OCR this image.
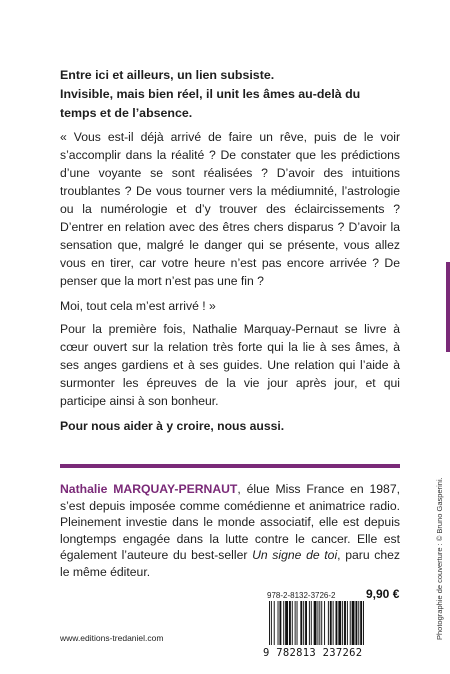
Entre ici et ailleurs, un lien subsiste.
Invisible, mais bien réel, il unit les âmes au-delà du temps et de l’absence.

« Vous est-il déjà arrivé de faire un rêve, puis de le voir s’accomplir dans la réalité ? De constater que les prédictions d’une voyante se sont réalisées ? D’avoir des intuitions troublantes ? De vous tourner vers la médiumnité, l’astrologie ou la numérologie et d’y trouver des éclaircissements ? D’entrer en relation avec des êtres chers disparus ? D’avoir la sensation que, malgré le danger qui se présente, vous allez vous en tirer, car votre heure n’est pas encore arrivée ? De penser que la mort n’est pas une fin ?

Moi, tout cela m’est arrivé ! »

Pour la première fois, Nathalie Marquay-Pernaut se livre à cœur ouvert sur la relation très forte qui la lie à ses âmes, à ses anges gardiens et à ses guides. Une relation qui l’aide à surmonter les épreuves de la vie jour après jour, et qui participe ainsi à son bonheur.

Pour nous aider à y croire, nous aussi.

Nathalie MARQUAY-PERNAUT, élue Miss France en 1987, s’est depuis imposée comme comédienne et animatrice radio. Pleinement investie dans le monde associatif, elle est depuis longtemps engagée dans la lutte contre le cancer. Elle est également l’auteure du best-seller Un signe de toi, paru chez le même éditeur.	Photographie de couverture : © Bruno Gasperini.
www.editions-tredaniel.com
978-2-8132-3726-2	9,90 €
9 782813 237262
